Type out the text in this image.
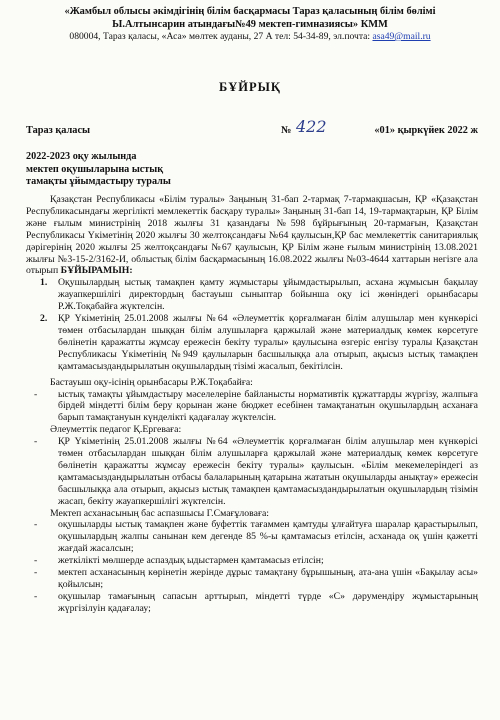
«Жамбыл облысы әкімдігінің білім басқармасы Тараз қаласының білім бөлімі
Ы.Алтынсарин атындағы№49 мектеп-гимназиясы» КММ
080004, Тараз қаласы, «Аса» мөлтек ауданы, 27 А тел: 54-34-89, эл.почта: asa49@mail.ru
БҰЙРЫҚ
Тараз қаласы	№ 422	«01» қыркүйек 2022 ж
2022-2023 оқу жылында
мектеп оқушыларына ыстық
тамақты ұйымдастыру туралы

Қазақстан Республикасы «Білім туралы» Заңының 31-бап 2-тармақ 7-тармақшасын, ҚР «Қазақстан Республикасындағы жергілікті мемлекеттік басқару туралы» Заңының 31-бап 14, 19-тармақтарын, ҚР Білім және ғылым министрінің 2018 жылғы 31 қазандағы №598 бұйрығының 20-тармағын, Қазақстан Республикасы Үкіметінің 2020 жылғы 30 желтоқсандағы №64 қаулысын,ҚР бас мемлекеттік санитариялық дәрігерінің 2020 жылғы 25 желтоқсандағы №67 қаулысын, ҚР Білім және ғылым министрінің 13.08.2021 жылғы №3-15-2/3162-И, облыстық білім басқармасының 16.08.2022 жылғы №03-4644 хаттарын негізге ала отырып БҰЙЫРАМЫН:

1. Оқушылардың ыстық тамақпен қамту жұмыстары ұйымдастырылып, асхана жұмысын бақылау жауапкершілігі директордың бастауыш сыныптар бойынша оқу ісі жөніндегі орынбасары Р.Ж.Тоқабайға жүктелсін.
2. ҚР Үкіметінің 25.01.2008 жылғы №64 «Әлеуметтік қорғалмаған білім алушылар мен күнкөрісі төмен отбасылардан шыққан білім алушыларға қаржылай және материалдық көмек көрсетуге бөлінетін қаражатты жұмсау ережесін бекіту туралы» қаулысына өзгеріс енгізу туралы Қазақстан Республикасы Үкіметінің №949 қаулыларын басшылыққа ала отырып, ақысыз ыстық тамақпен қамтамасыздандырылатын оқушылардың тізімі жасалып, бекітілсін.

Бастауыш оқу-ісінің орынбасары Р.Ж.Тоқабайға:

- ыстық тамақты ұйымдастыру мәселелеріне байланысты нормативтік құжаттарды жүргізу, жалпыға бірдей міндетті білім беру қорынан және бюджет есебінен тамақтанатын оқушылардың асханаға барып тамақтануын күнделікті қадағалау жүктелсін.

Әлеуметтік педагог Қ.Ергеваға:

- ҚР Үкіметінің 25.01.2008 жылғы №64 «Әлеуметтік қорғалмаған білім алушылар мен күнкөрісі төмен отбасылардан шыққан білім алушыларға қаржылай және материалдық көмек көрсетуге бөлінетін қаражатты жұмсау ережесін бекіту туралы» қаулысын. «Білім мекемелеріндегі аз қамтамасыздандырылатын отбасы балаларының қатарына жататын оқушыларды анықтау» ережесін басшылыққа ала отырып, ақысыз ыстық тамақпен қамтамасыздандырылатын оқушылардың тізімін жасап, бекіту жауапкершілігі жүктелсін.

Мектеп асханасының бас аспазшысы Г.Смағұловаға:

- оқушыларды ыстық тамақпен және буфеттік тағаммен қамтуды ұлғайтуға шаралар қарастырылып, оқушылардың жалпы санынан кем дегенде 85 %-ы қамтамасыз етілсін, асханада оқ үшін қажетті жағдай жасалсын;
- жеткілікті мөлшерде аспаздық ыдыстармен қамтамасыз етілсін;
- мектеп асханасының көрінетін жерінде дұрыс тамақтану бұрышының, ата-ана үшін «Бақылау асы» қойылсын;
- оқушылар тамағының сапасын арттырып, міндетті түрде «С» дәрумендіру жұмыстарының жүргізілуін қадағалау;
